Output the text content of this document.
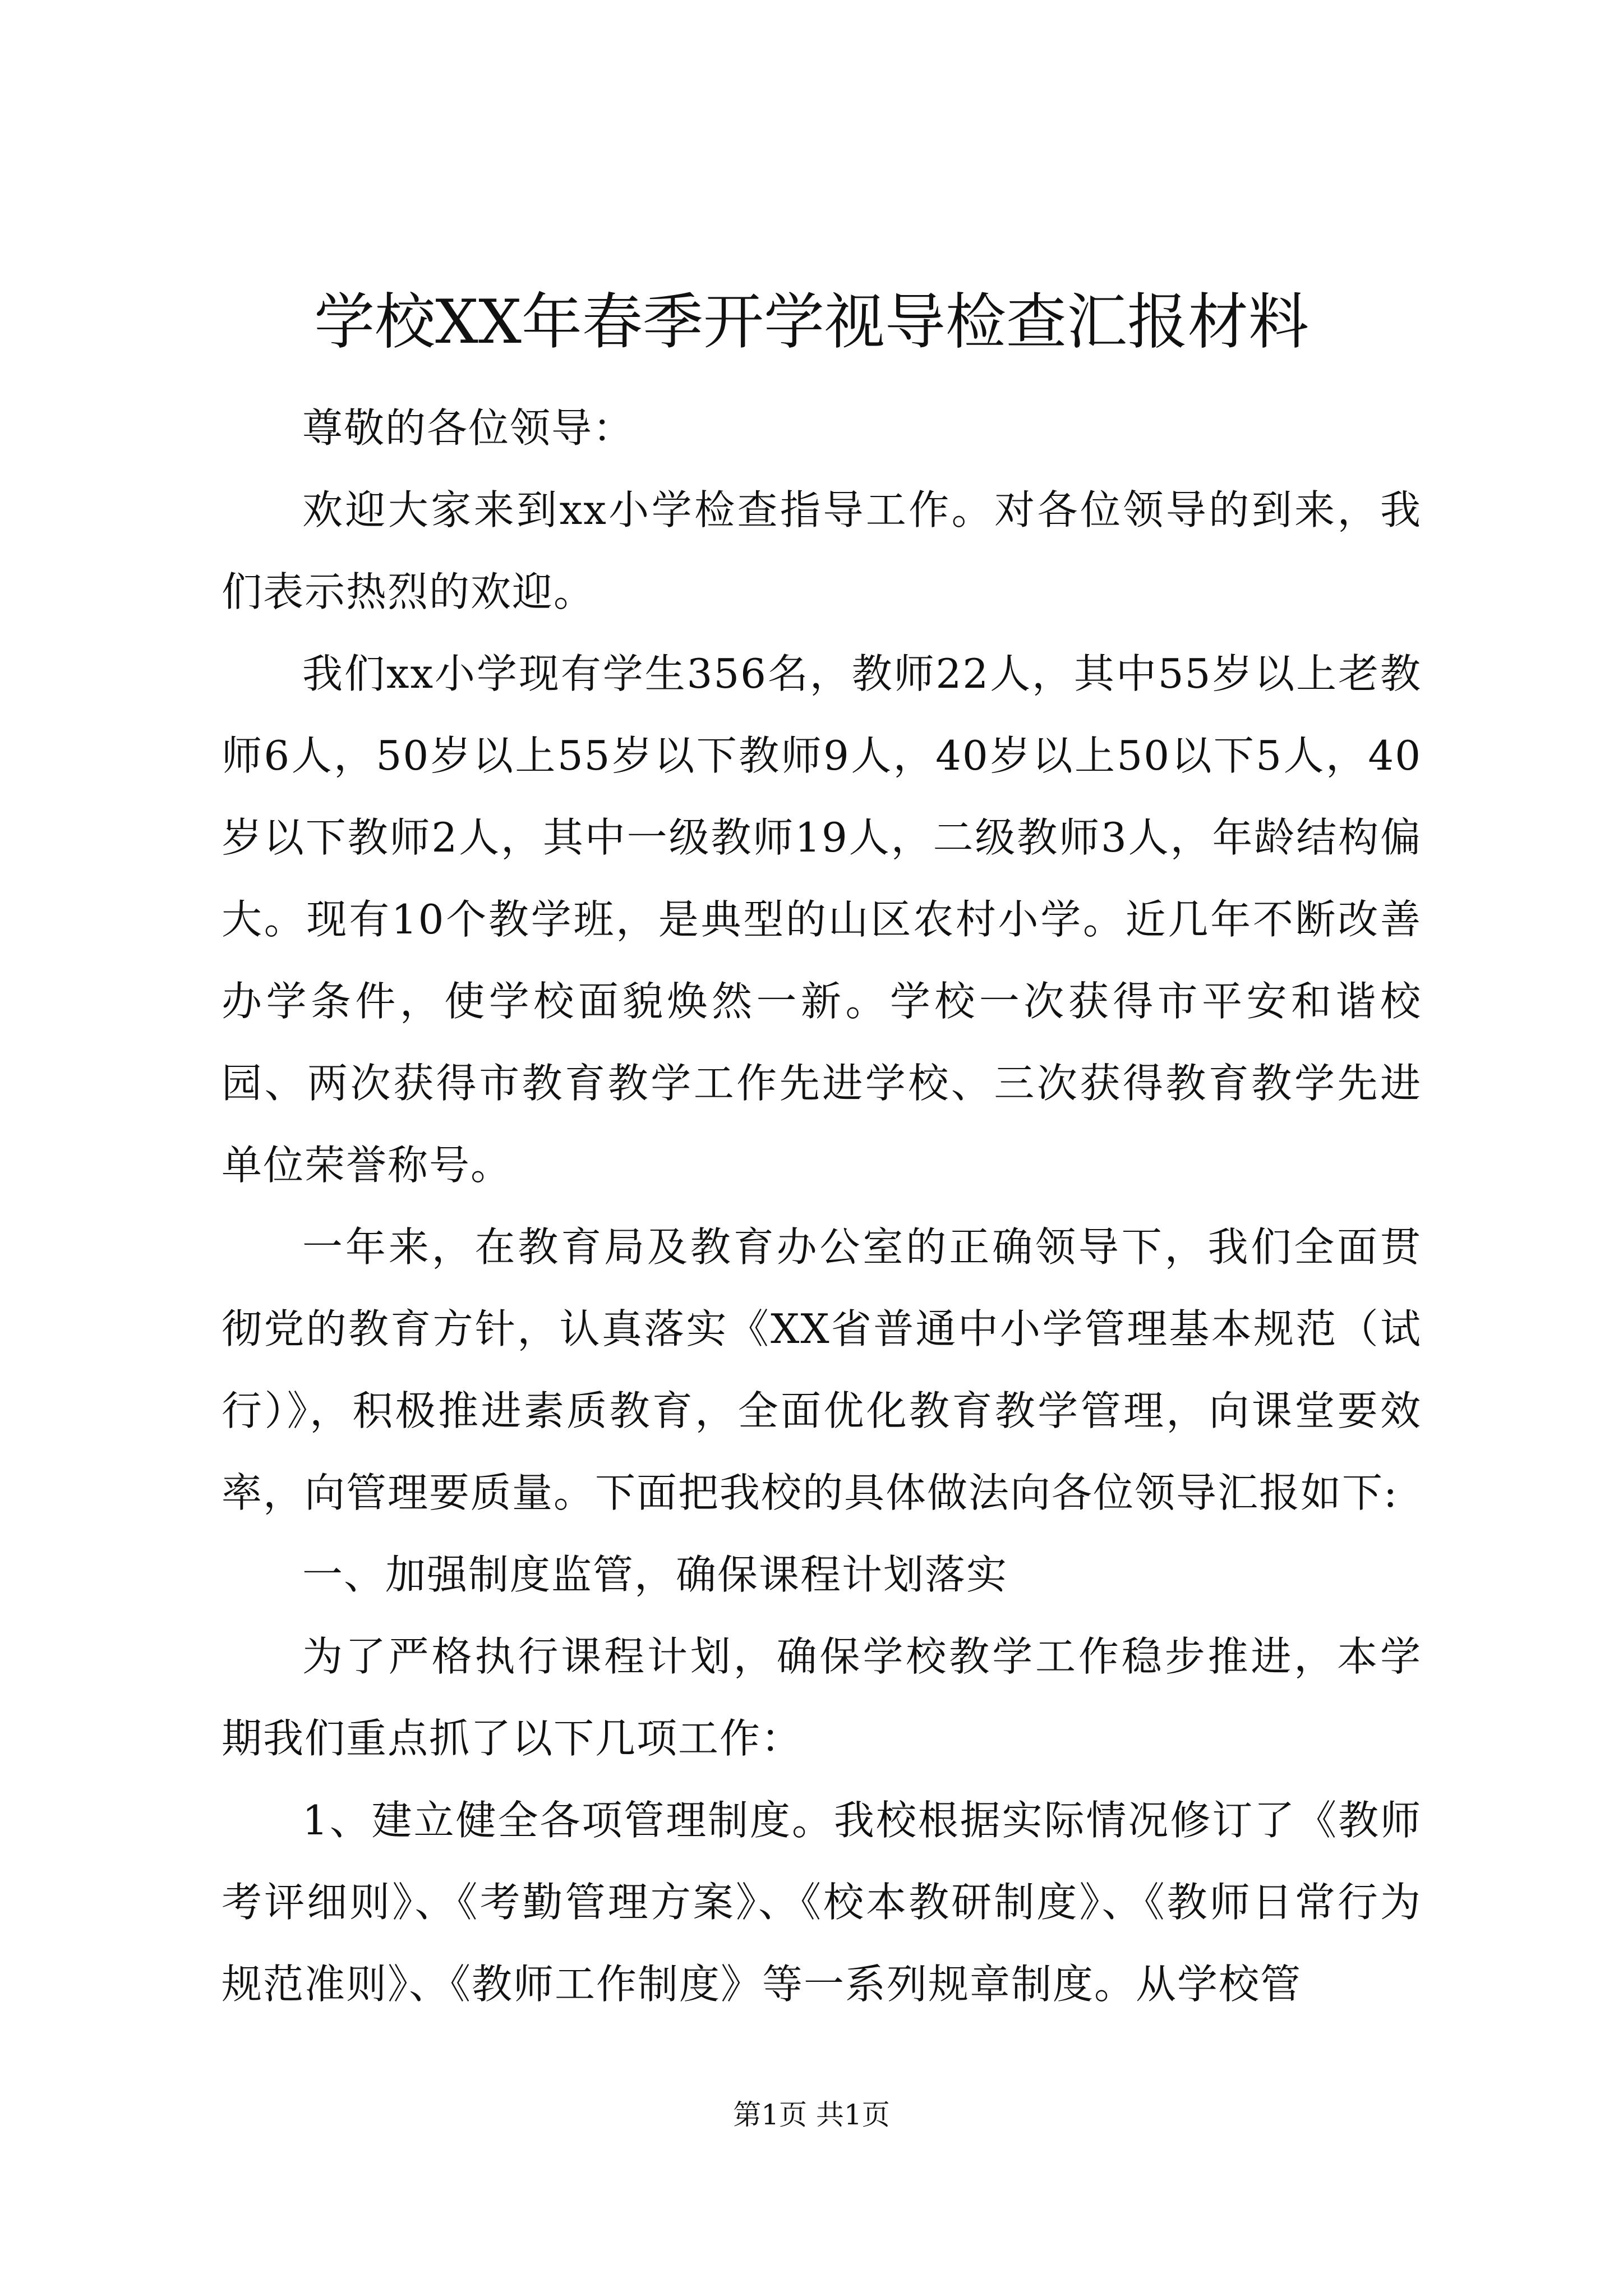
学校XX年春季开学视导检查汇报材料

尊敬的各位领导：

欢迎大家来到xx小学检查指导工作。对各位领导的到来，我们表示热烈的欢迎。

我们xx小学现有学生356名，教师22人，其中55岁以上老教师6人，50岁以上55岁以下教师9人，40岁以上50以下5人，40岁以下教师2人，其中一级教师19人，二级教师3人，年龄结构偏大。现有10个教学班，是典型的山区农村小学。近几年不断改善办学条件，使学校面貌焕然一新。学校一次获得市平安和谐校园、两次获得市教育教学工作先进学校、三次获得教育教学先进单位荣誉称号。

一年来，在教育局及教育办公室的正确领导下，我们全面贯彻党的教育方针，认真落实《XX省普通中小学管理基本规范（试行）》，积极推进素质教育，全面优化教育教学管理，向课堂要效率，向管理要质量。下面把我校的具体做法向各位领导汇报如下:

一、加强制度监管，确保课程计划落实

为了严格执行课程计划，确保学校教学工作稳步推进，本学期我们重点抓了以下几项工作：

1、建立健全各项管理制度。我校根据实际情况修订了《教师考评细则》、《考勤管理方案》、《校本教研制度》、《教师日常行为规范准则》、《教师工作制度》等一系列规章制度。从学校管

第1页 共1页
